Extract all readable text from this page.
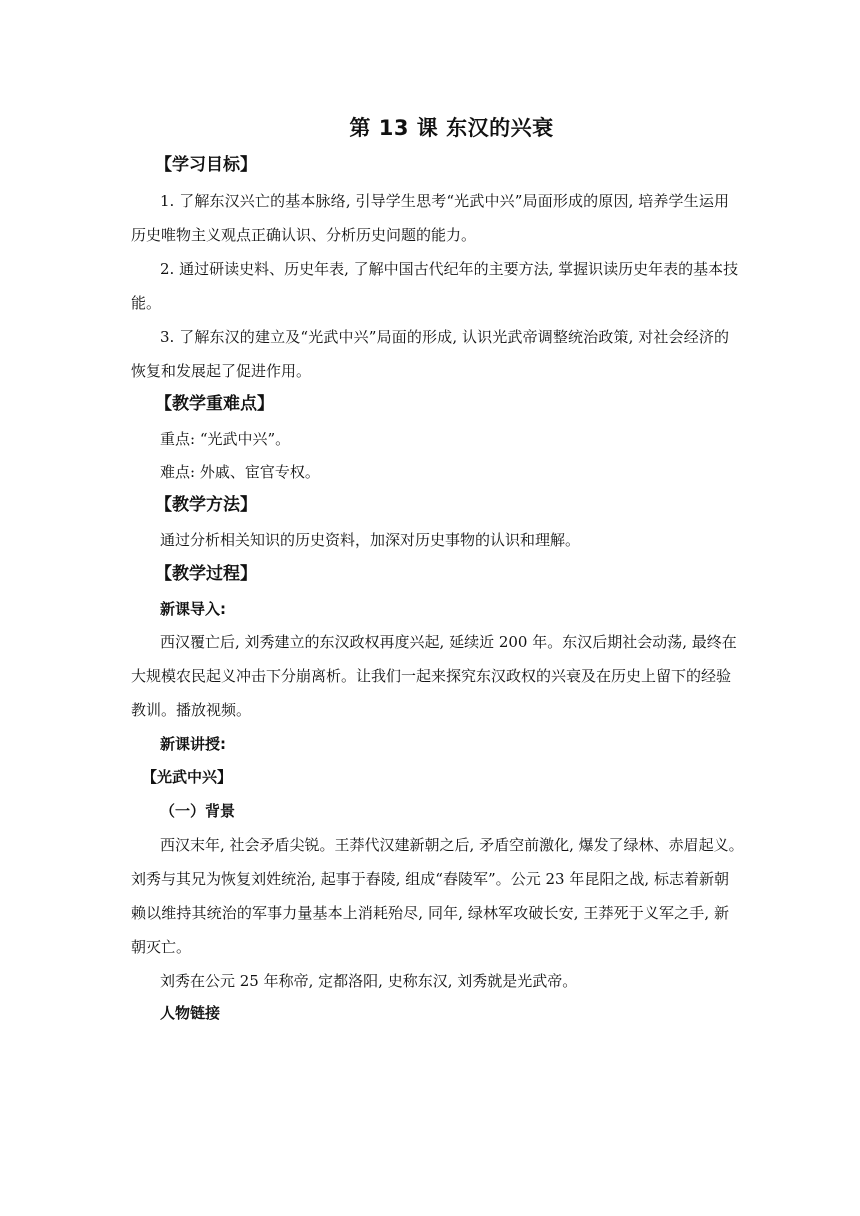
第 13 课 东汉的兴衰
【学习目标】
1. 了解东汉兴亡的基本脉络, 引导学生思考“光武中兴”局面形成的原因, 培养学生运用
历史唯物主义观点正确认识、分析历史问题的能力。
2. 通过研读史料、历史年表, 了解中国古代纪年的主要方法, 掌握识读历史年表的基本技
能。
3. 了解东汉的建立及“光武中兴”局面的形成, 认识光武帝调整统治政策, 对社会经济的
恢复和发展起了促进作用。
【教学重难点】
重点: “光武中兴”。
难点: 外戚、宦官专权。
【教学方法】
通过分析相关知识的历史资料，加深对历史事物的认识和理解。
【教学过程】
新课导入:
西汉覆亡后, 刘秀建立的东汉政权再度兴起, 延续近 200 年。东汉后期社会动荡, 最终在
大规模农民起义冲击下分崩离析。让我们一起来探究东汉政权的兴衰及在历史上留下的经验
教训。播放视频。
新课讲授:
【光武中兴】
（一）背景
西汉末年, 社会矛盾尖锐。王莽代汉建新朝之后, 矛盾空前激化, 爆发了绿林、赤眉起义。
刘秀与其兄为恢复刘姓统治, 起事于舂陵, 组成“舂陵军”。公元 23 年昆阳之战, 标志着新朝
赖以维持其统治的军事力量基本上消耗殆尽, 同年, 绿林军攻破长安, 王莽死于义军之手, 新
朝灭亡。
刘秀在公元 25 年称帝, 定都洛阳, 史称东汉, 刘秀就是光武帝。
人物链接
